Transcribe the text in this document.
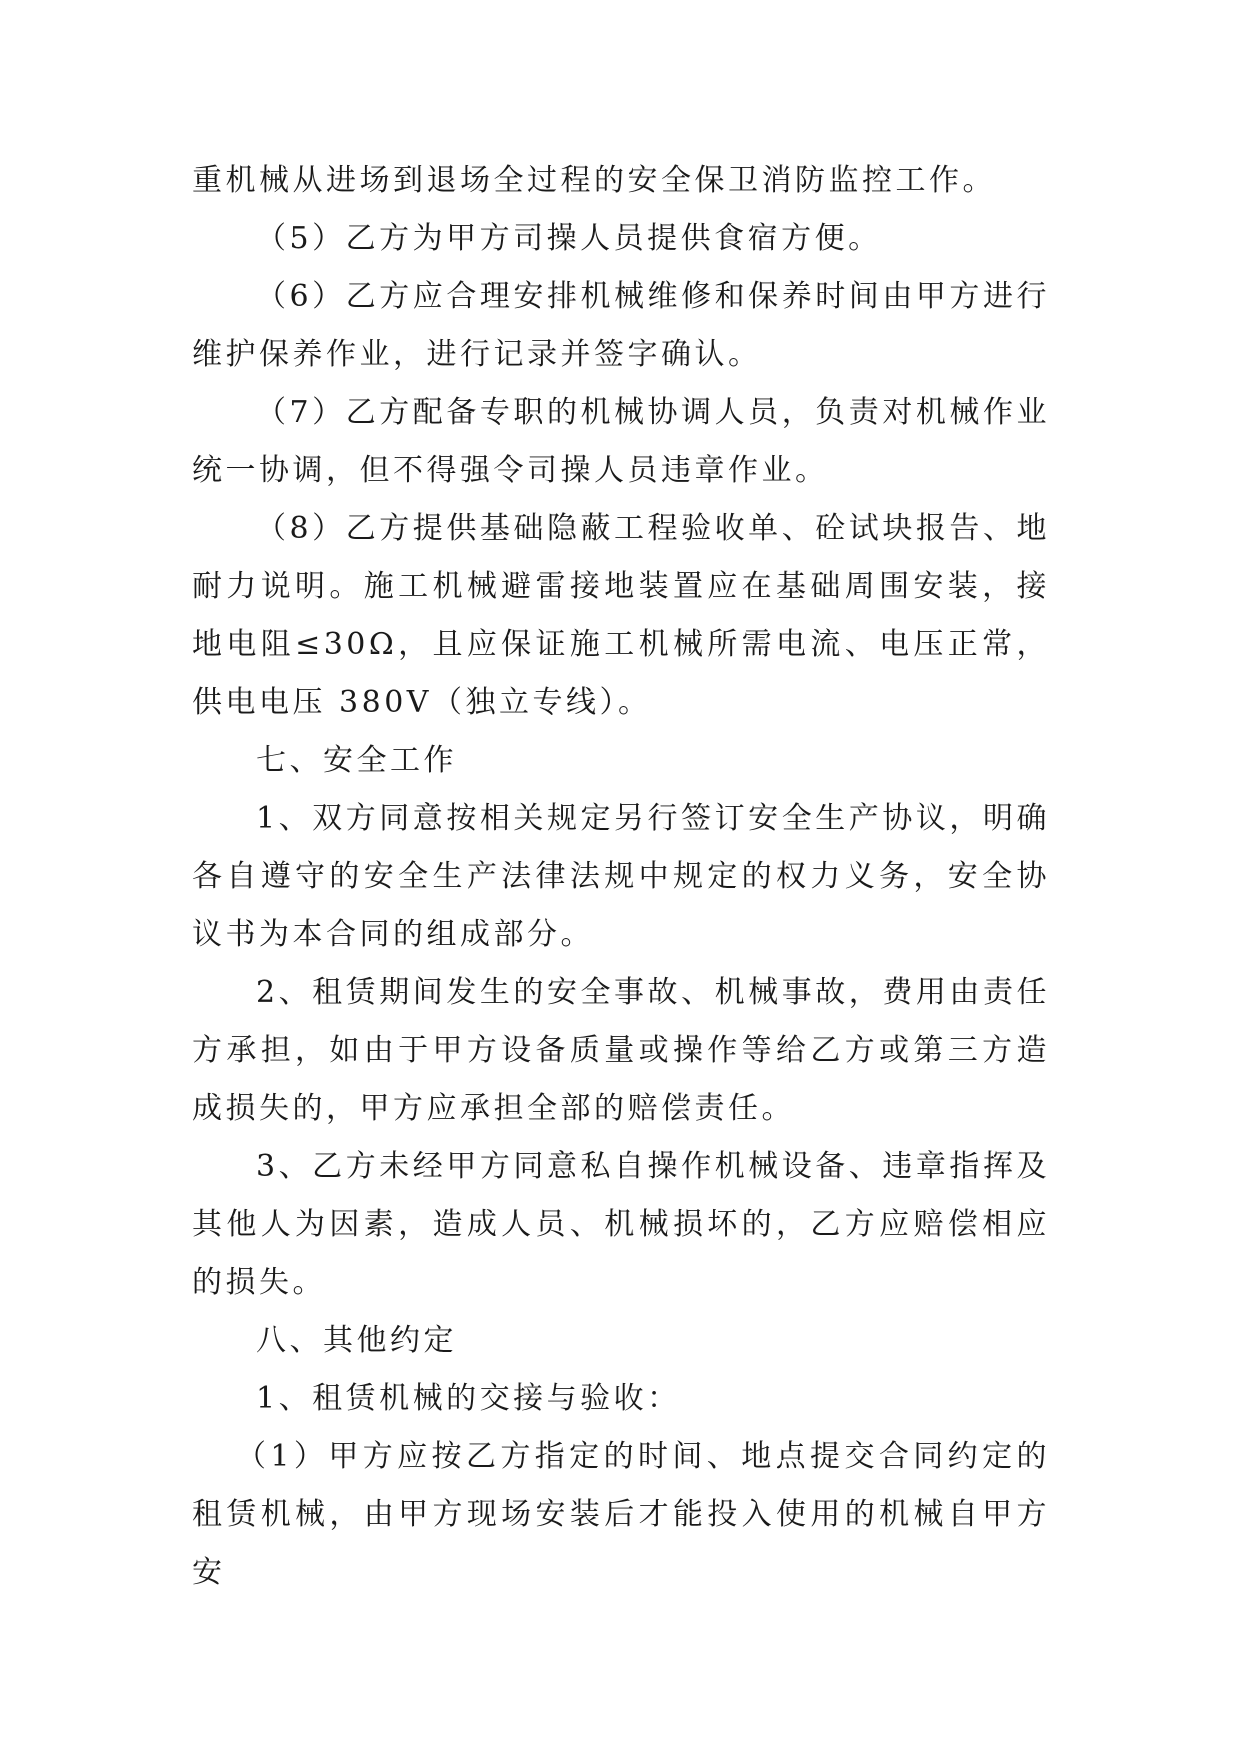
重机械从进场到退场全过程的安全保卫消防监控工作。

（5）乙方为甲方司操人员提供食宿方便。

（6）乙方应合理安排机械维修和保养时间由甲方进行维护保养作业，进行记录并签字确认。

（7）乙方配备专职的机械协调人员，负责对机械作业统一协调，但不得强令司操人员违章作业。

（8）乙方提供基础隐蔽工程验收单、砼试块报告、地耐力说明。施工机械避雷接地装置应在基础周围安装，接地电阻≤30Ω，且应保证施工机械所需电流、电压正常，供电电压 380V（独立专线）。

七、安全工作

1、双方同意按相关规定另行签订安全生产协议，明确各自遵守的安全生产法律法规中规定的权力义务，安全协议书为本合同的组成部分。

2、租赁期间发生的安全事故、机械事故，费用由责任方承担，如由于甲方设备质量或操作等给乙方或第三方造成损失的，甲方应承担全部的赔偿责任。

3、乙方未经甲方同意私自操作机械设备、违章指挥及其他人为因素，造成人员、机械损坏的，乙方应赔偿相应的损失。

八、其他约定

1、租赁机械的交接与验收：

（1）甲方应按乙方指定的时间、地点提交合同约定的租赁机械，由甲方现场安装后才能投入使用的机械自甲方安
